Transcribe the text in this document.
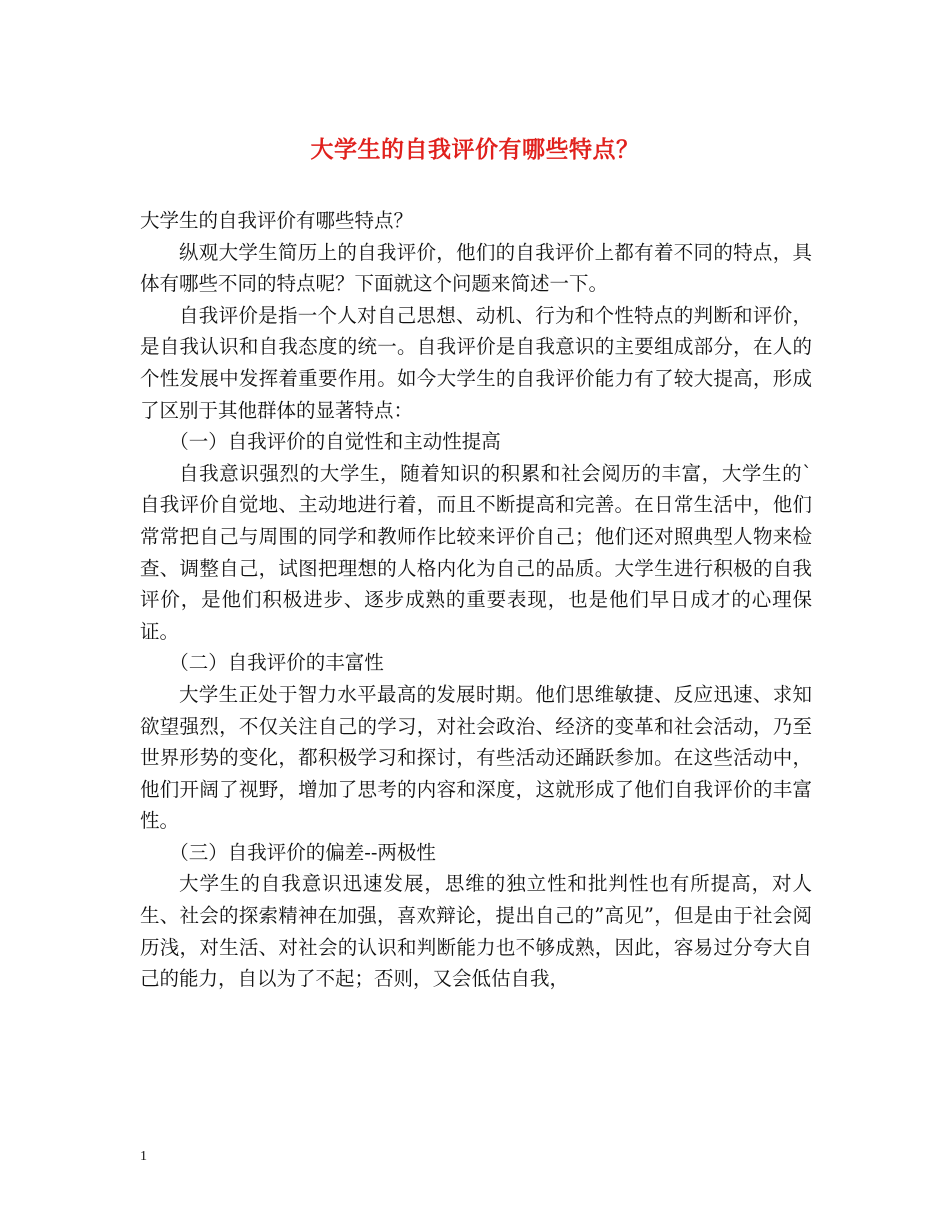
大学生的自我评价有哪些特点？

大学生的自我评价有哪些特点？

纵观大学生简历上的自我评价，他们的自我评价上都有着不同的特点，具体有哪些不同的特点呢？下面就这个问题来简述一下。

自我评价是指一个人对自己思想、动机、行为和个性特点的判断和评价，是自我认识和自我态度的统一。自我评价是自我意识的主要组成部分，在人的个性发展中发挥着重要作用。如今大学生的自我评价能力有了较大提高，形成了区别于其他群体的显著特点：

（一）自我评价的自觉性和主动性提高

自我意识强烈的大学生，随着知识的积累和社会阅历的丰富，大学生的`自我评价自觉地、主动地进行着，而且不断提高和完善。在日常生活中，他们常常把自己与周围的同学和教师作比较来评价自己；他们还对照典型人物来检查、调整自己，试图把理想的人格内化为自己的品质。大学生进行积极的自我评价，是他们积极进步、逐步成熟的重要表现，也是他们早日成才的心理保证。

（二）自我评价的丰富性

大学生正处于智力水平最高的发展时期。他们思维敏捷、反应迅速、求知欲望强烈，不仅关注自己的学习，对社会政治、经济的变革和社会活动，乃至世界形势的变化，都积极学习和探讨，有些活动还踊跃参加。在这些活动中，他们开阔了视野，增加了思考的内容和深度，这就形成了他们自我评价的丰富性。

（三）自我评价的偏差--两极性

大学生的自我意识迅速发展，思维的独立性和批判性也有所提高，对人生、社会的探索精神在加强，喜欢辩论，提出自己的”高见”，但是由于社会阅历浅，对生活、对社会的认识和判断能力也不够成熟，因此，容易过分夸大自己的能力，自以为了不起；否则，又会低估自我，

1
